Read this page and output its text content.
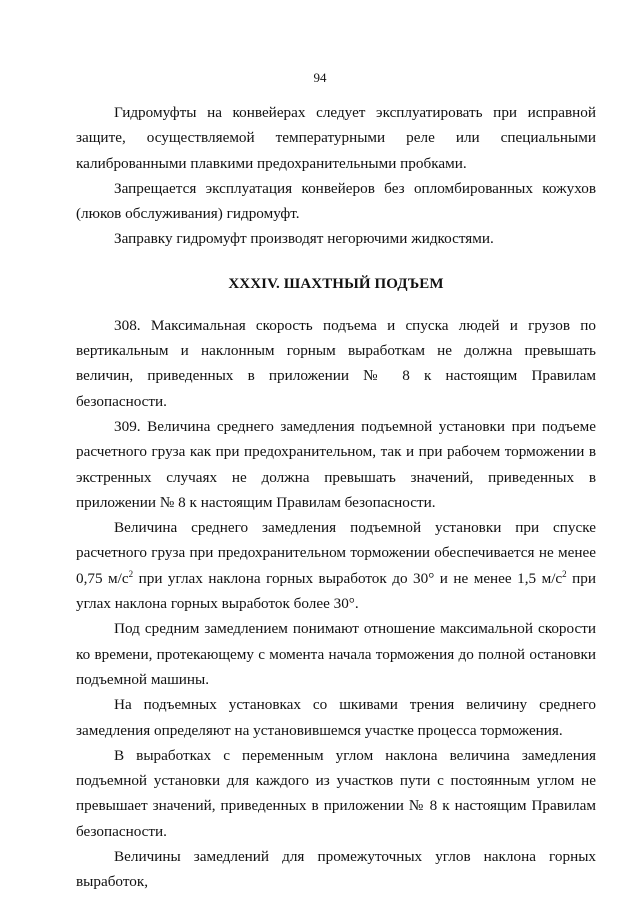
94

Гидромуфты на конвейерах следует эксплуатировать при исправной защите, осуществляемой температурными реле или специальными калиброванными плавкими предохранительными пробками.

Запрещается эксплуатация конвейеров без опломбированных кожухов (люков обслуживания) гидромуфт.

Заправку гидромуфт производят негорючими жидкостями.

XXXIV. ШАХТНЫЙ ПОДЪЕМ

308. Максимальная скорость подъема и спуска людей и грузов по вертикальным и наклонным горным выработкам не должна превышать величин, приведенных в приложении № 8 к настоящим Правилам безопасности.

309. Величина среднего замедления подъемной установки при подъеме расчетного груза как при предохранительном, так и при рабочем торможении в экстренных случаях не должна превышать значений, приведенных в приложении № 8 к настоящим Правилам безопасности.

Величина среднего замедления подъемной установки при спуске расчетного груза при предохранительном торможении обеспечивается не менее 0,75 $м/с^2$ при углах наклона горных выработок до 30° и не менее 1,5 $м/с^2$ при углах наклона горных выработок более 30°.

Под средним замедлением понимают отношение максимальной скорости ко времени, протекающему с момента начала торможения до полной остановки подъемной машины.

На подъемных установках со шкивами трения величину среднего замедления определяют на установившемся участке процесса торможения.

В выработках с переменным углом наклона величина замедления подъемной установки для каждого из участков пути с постоянным углом не превышает значений, приведенных в приложении № 8 к настоящим Правилам безопасности.

Величины замедлений для промежуточных углов наклона горных выработок,
